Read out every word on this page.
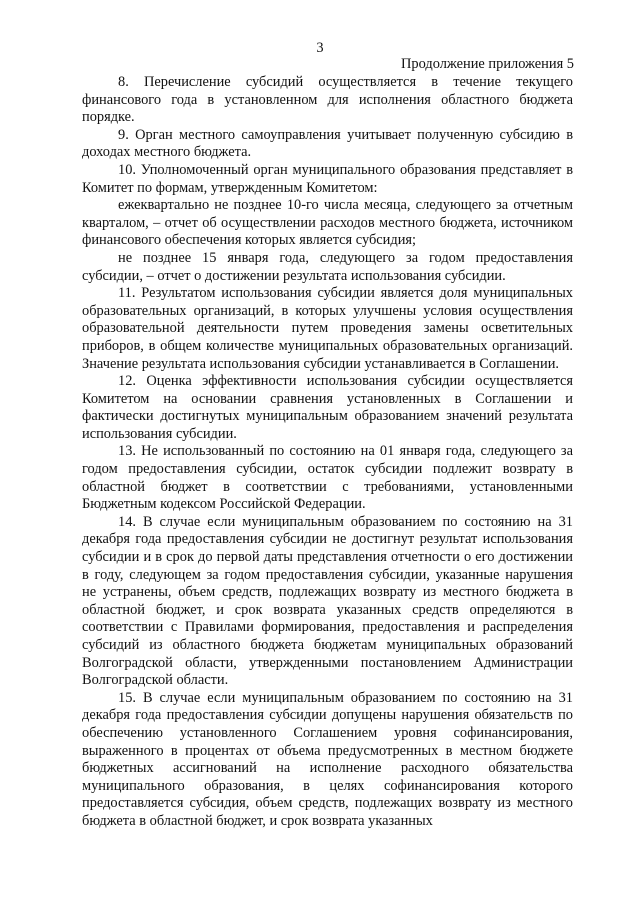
3
Продолжение приложения 5

8. Перечисление субсидий осуществляется в течение текущего финансового года в установленном для исполнения областного бюджета порядке.

9. Орган местного самоуправления учитывает полученную субсидию в доходах местного бюджета.

10. Уполномоченный орган муниципального образования представляет в Комитет по формам, утвержденным Комитетом:

ежеквартально не позднее 10-го числа месяца, следующего за отчетным кварталом, – отчет об осуществлении расходов местного бюджета, источником финансового обеспечения которых является субсидия;

не позднее 15 января года, следующего за годом предоставления субсидии, – отчет о достижении результата использования субсидии.

11. Результатом использования субсидии является доля муниципальных образовательных организаций, в которых улучшены условия осуществления образовательной деятельности путем проведения замены осветительных приборов, в общем количестве муниципальных образовательных организаций. Значение результата использования субсидии устанавливается в Соглашении.

12. Оценка эффективности использования субсидии осуществляется Комитетом на основании сравнения установленных в Соглашении и фактически достигнутых муниципальным образованием значений результата использования субсидии.

13. Не использованный по состоянию на 01 января года, следующего за годом предоставления субсидии, остаток субсидии подлежит возврату в областной бюджет в соответствии с требованиями, установленными Бюджетным кодексом Российской Федерации.

14. В случае если муниципальным образованием по состоянию на 31 декабря года предоставления субсидии не достигнут результат использования субсидии и в срок до первой даты представления отчетности о его достижении в году, следующем за годом предоставления субсидии, указанные нарушения не устранены, объем средств, подлежащих возврату из местного бюджета в областной бюджет, и срок возврата указанных средств определяются в соответствии с Правилами формирования, предоставления и распределения субсидий из областного бюджета бюджетам муниципальных образований Волгоградской области, утвержденными постановлением Администрации Волгоградской области.

15. В случае если муниципальным образованием по состоянию на 31 декабря года предоставления субсидии допущены нарушения обязательств по обеспечению установленного Соглашением уровня софинансирования, выраженного в процентах от объема предусмотренных в местном бюджете бюджетных ассигнований на исполнение расходного обязательства муниципального образования, в целях софинансирования которого предоставляется субсидия, объем средств, подлежащих возврату из местного бюджета в областной бюджет, и срок возврата указанных
